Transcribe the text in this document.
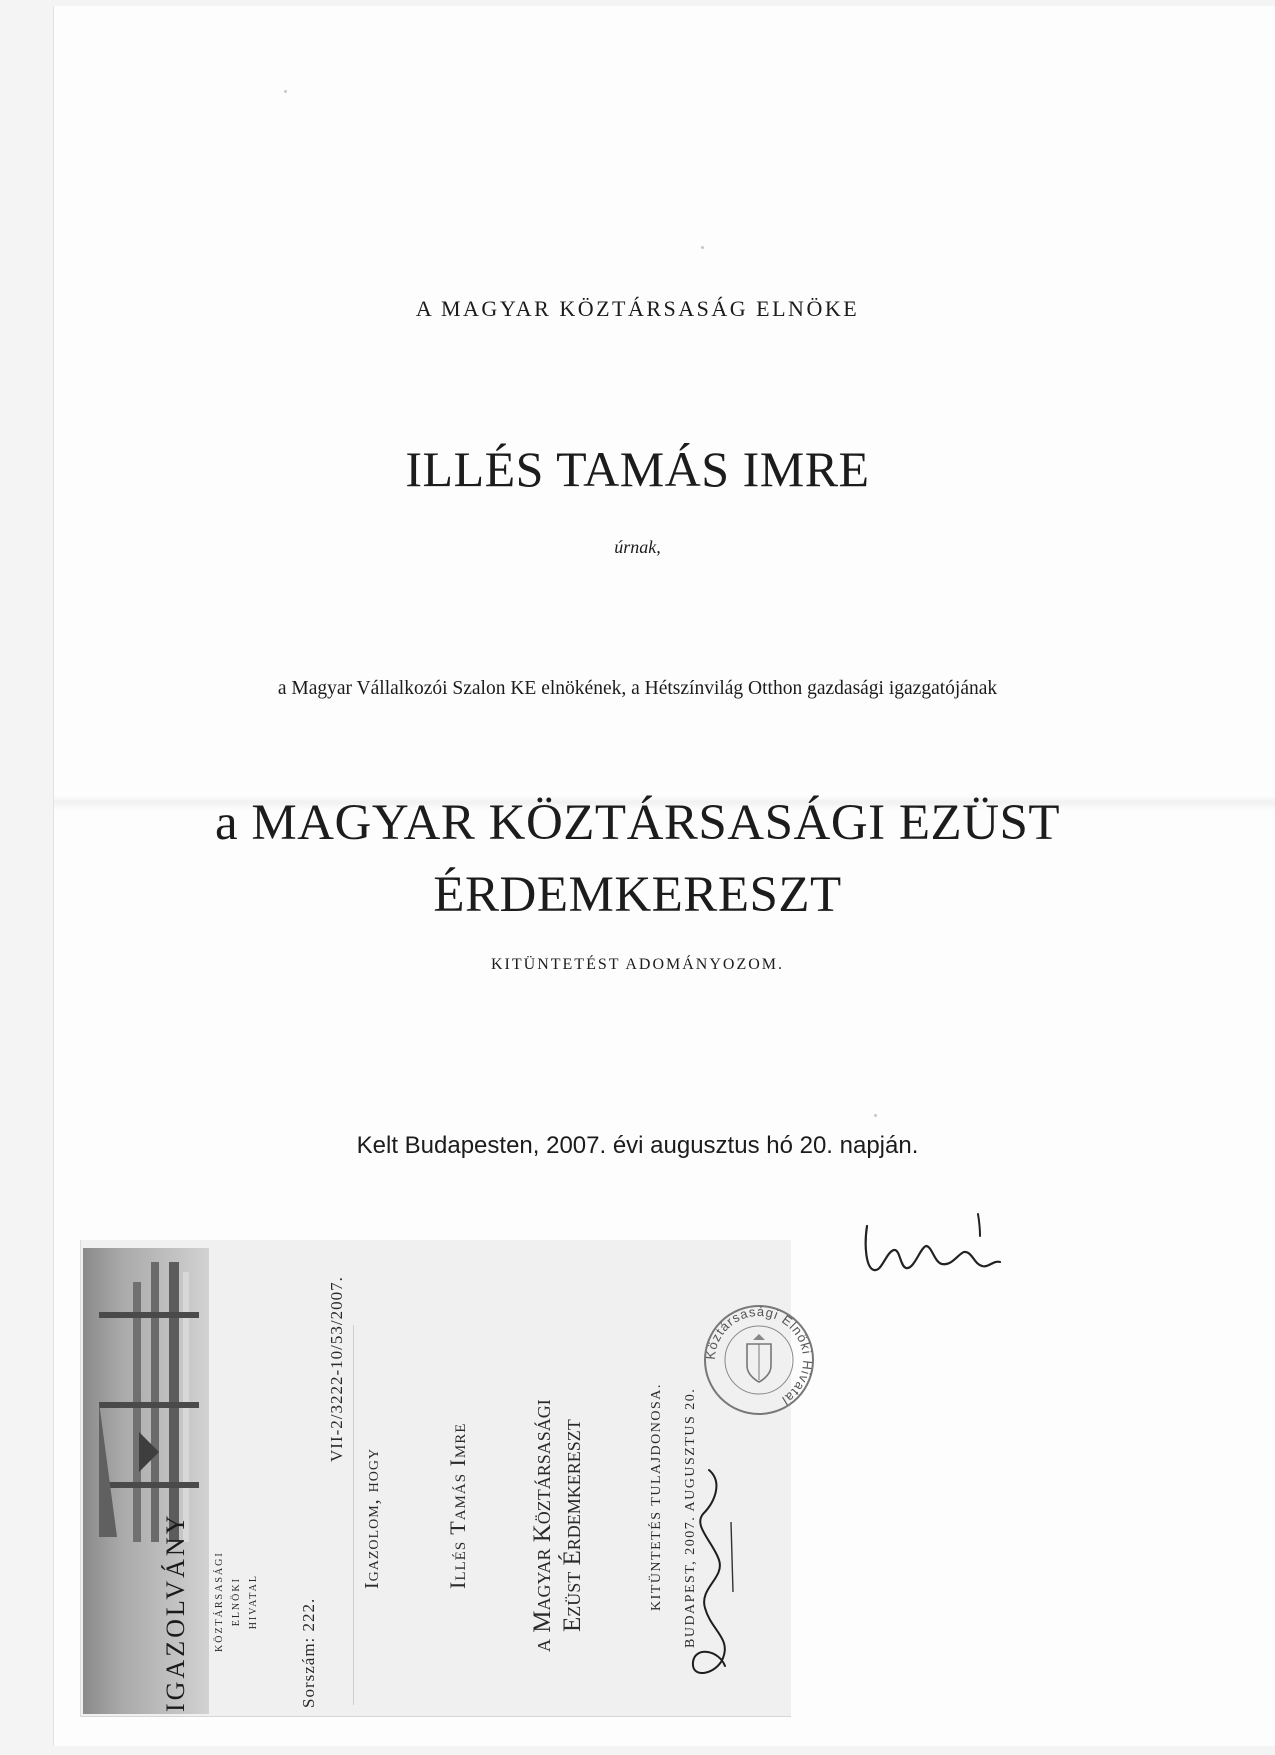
A MAGYAR KÖZTÁRSASÁG ELNÖKE
ILLÉS TAMÁS IMRE
úrnak,
a Magyar Vállalkozói Szalon KE elnökének, a Hétszínvilág Otthon gazdasági igazgatójának
a MAGYAR KÖZTÁRSASÁGI EZÜST
ÉRDEMKERESZT
KITÜNTETÉST ADOMÁNYOZOM.
Kelt Budapesten, 2007. évi augusztus hó 20. napján.
IGAZOLVÁNY	KÖZTÁRSASÁGI ELNÖKI HIVATAL Sorszám: 222.
VII-2/3222-10/53/2007.
Igazolom, hogy	Illés Tamás Imre a Magyar Köztársasági Ezüst Érdemkereszt	KITÜNTETÉS TULAJDONOSA. BUDAPEST, 2007. AUGUSZTUS 20.
Köztársasági Elnöki Hivatal
